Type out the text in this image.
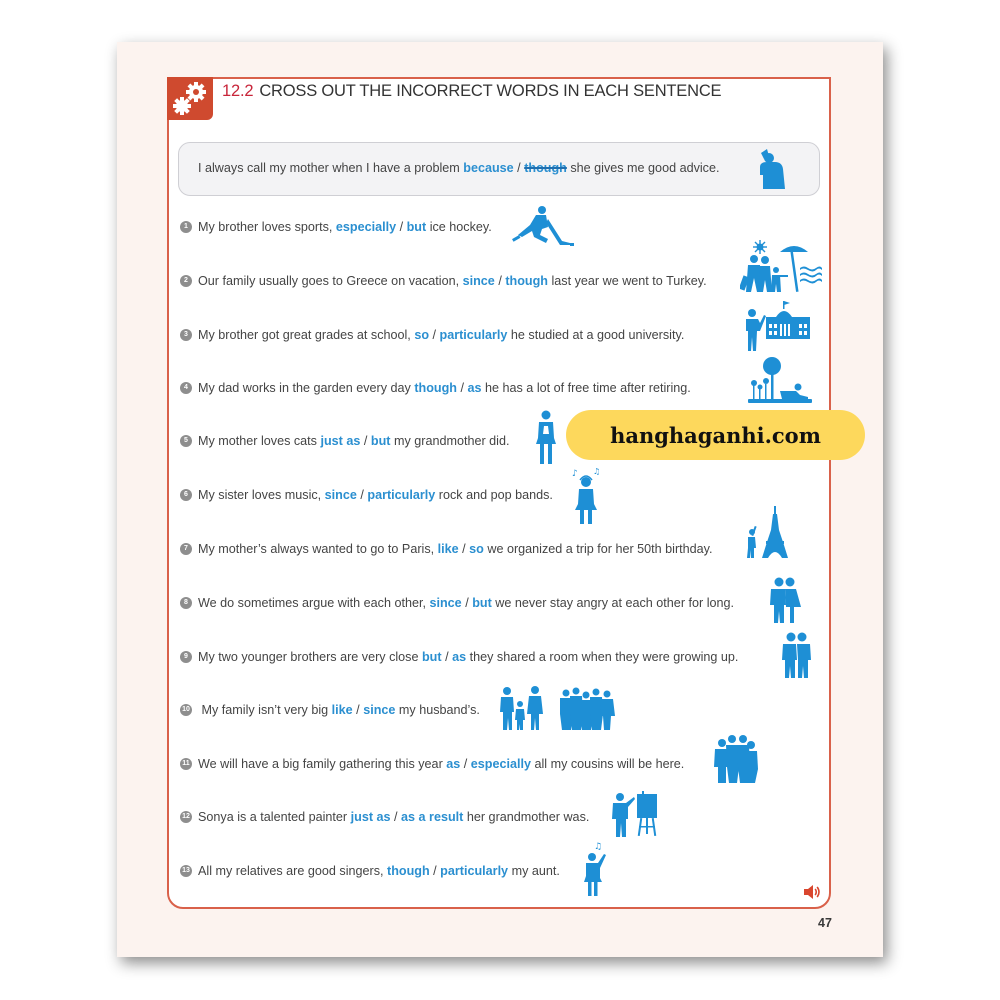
12.2 CROSS OUT THE INCORRECT WORDS IN EACH SENTENCE
I always call my mother when I have a problem because / though she gives me good advice.
1 My brother loves sports, especially / but ice hockey.
2 Our family usually goes to Greece on vacation, since / though last year we went to Turkey.
3 My brother got great grades at school, so / particularly he studied at a good university.
4 My dad works in the garden every day though / as he has a lot of free time after retiring.
5 My mother loves cats just as / but my grandmother did.
6 My sister loves music, since / particularly rock and pop bands.
7 My mother’s always wanted to go to Paris, like / so we organized a trip for her 50th birthday.
8 We do sometimes argue with each other, since / but we never stay angry at each other for long.
9 My two younger brothers are very close but / as they shared a room when they were growing up.
10 My family isn’t very big like / since my husband’s.
11 We will have a big family gathering this year as / especially all my cousins will be here.
12 Sonya is a talented painter just as / as a result her grandmother was.
13 All my relatives are good singers, though / particularly my aunt.
♪ ♫
♫
hanghaganhi.com
47
